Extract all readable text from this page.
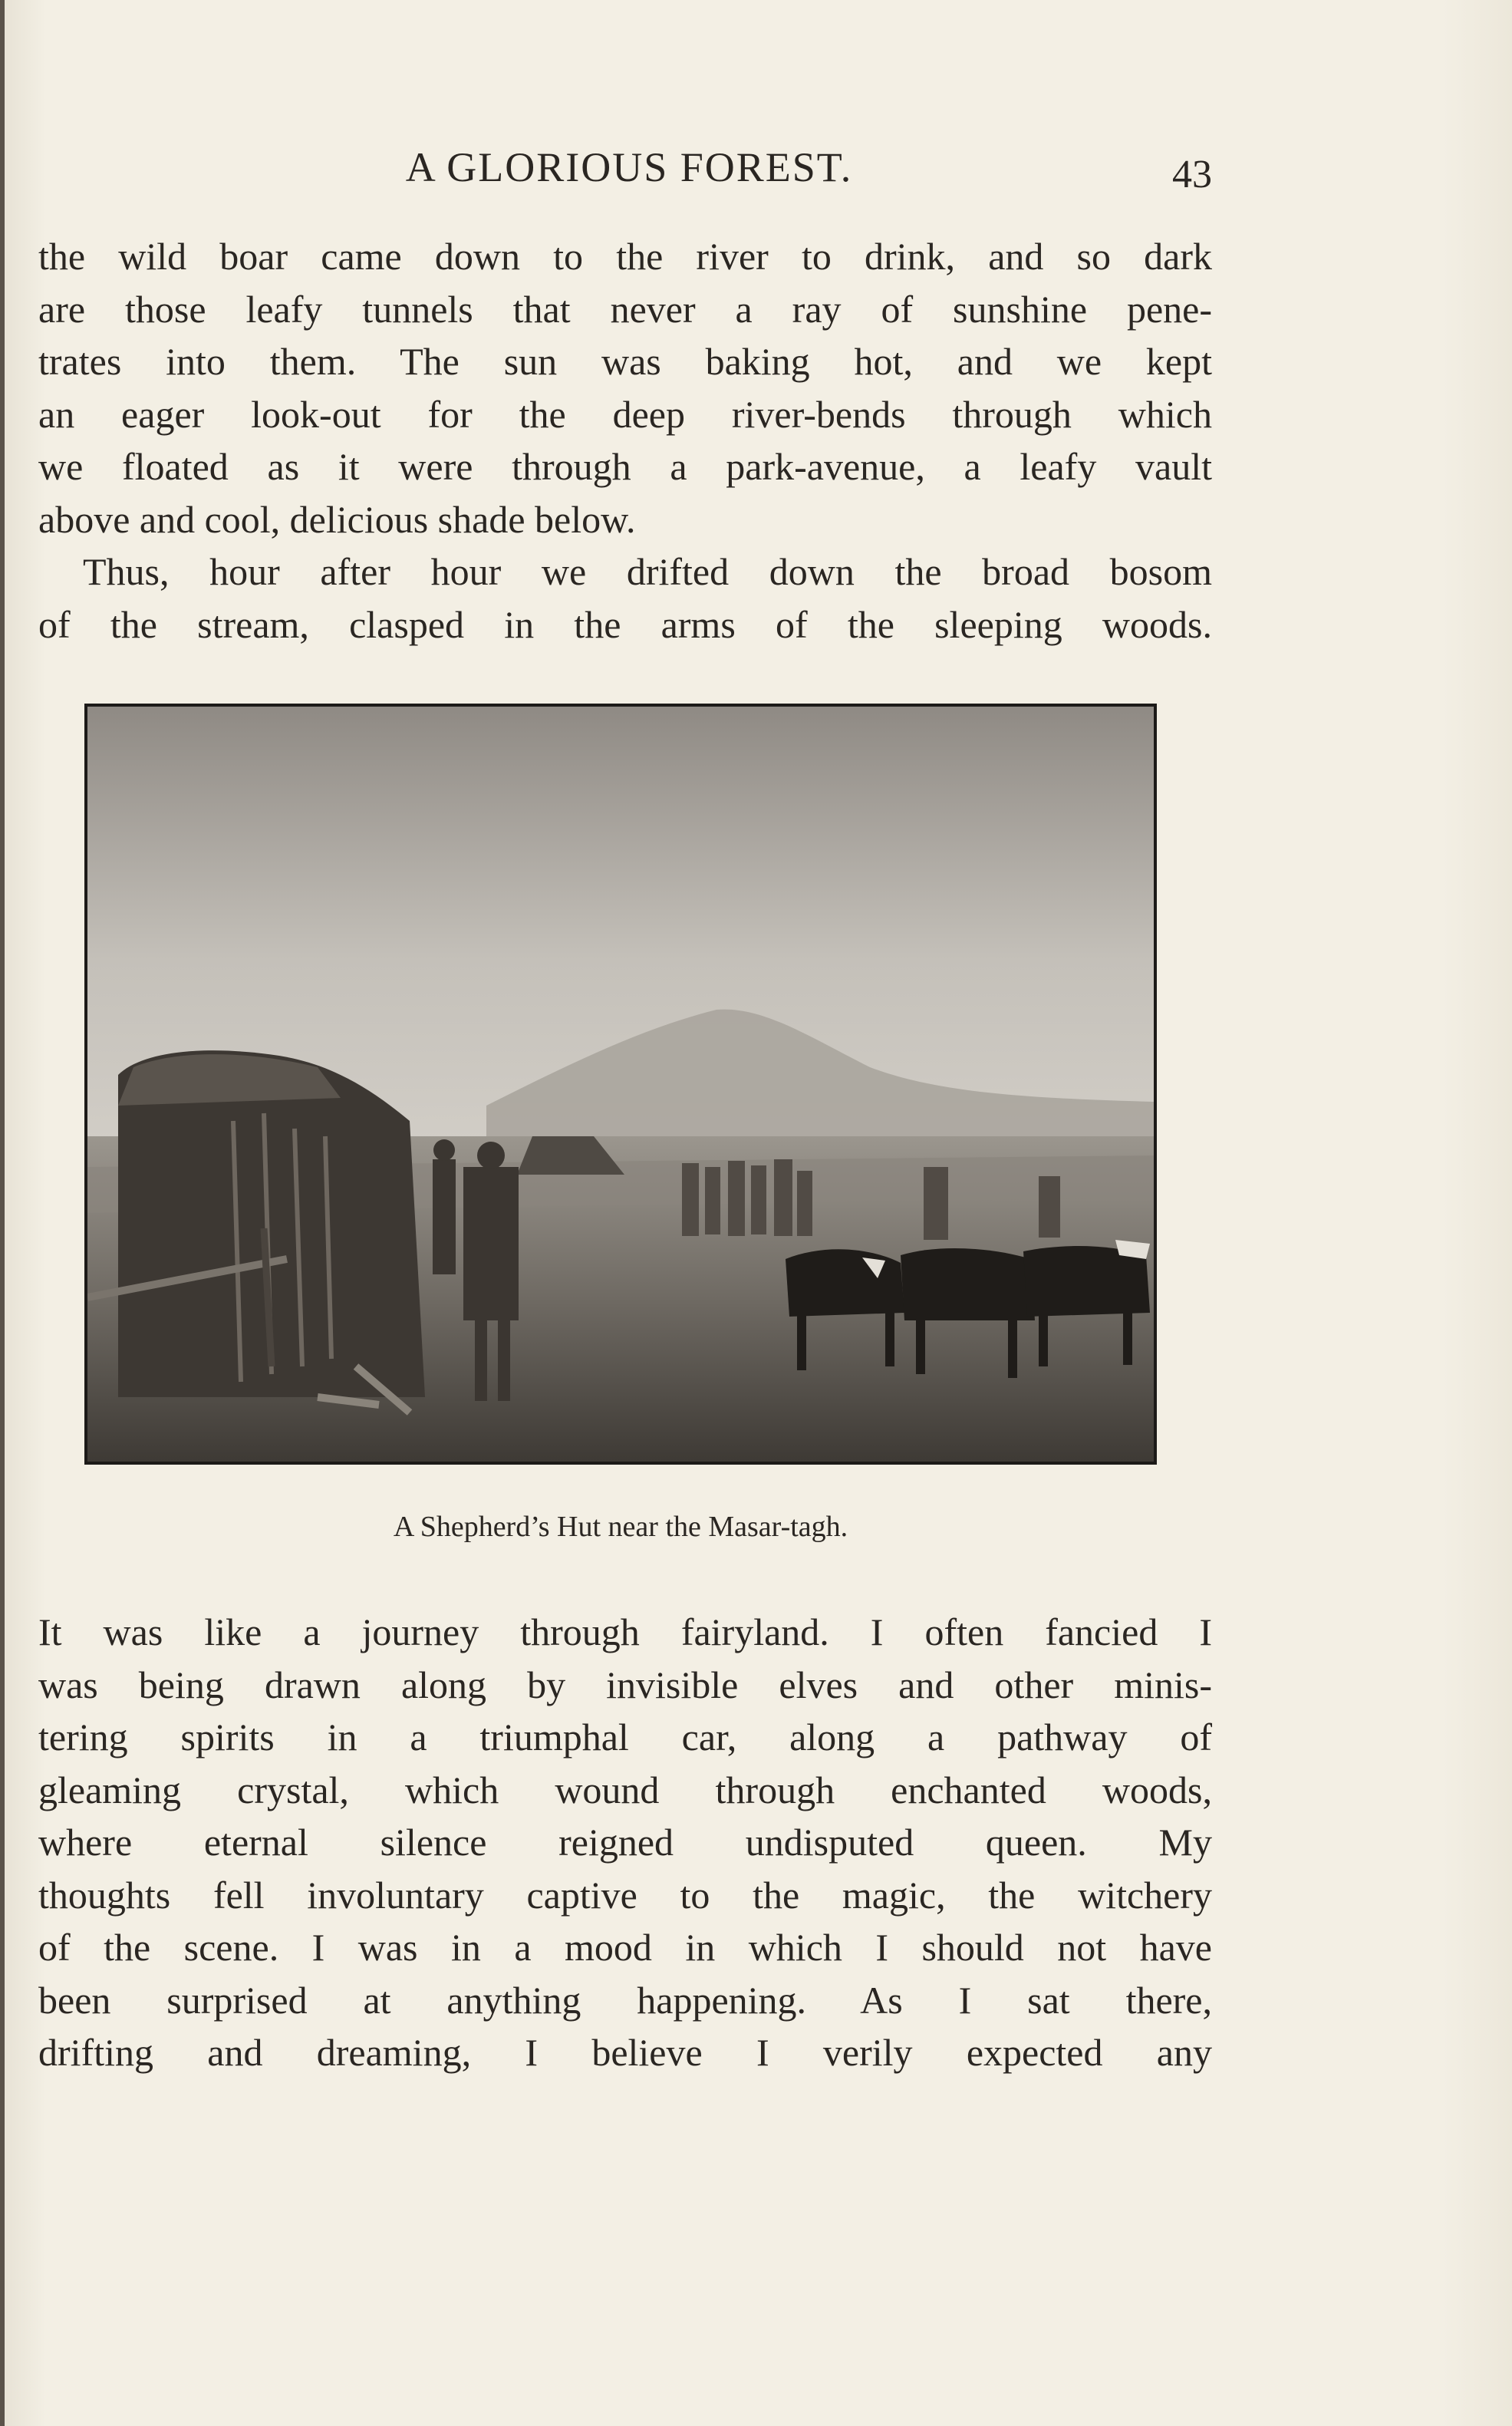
A GLORIOUS FOREST.	43
the wild boar came down to the river to drink, and so dark
are those leafy tunnels that never a ray of sunshine pene-
trates into them. The sun was baking hot, and we kept
an eager look-out for the deep river-bends through which
we floated as it were through a park-avenue, a leafy vault
above and cool, delicious shade below.
Thus, hour after hour we drifted down the broad bosom
of the stream, clasped in the arms of the sleeping woods.
A Shepherd’s Hut near the Masar-tagh.
It was like a journey through fairyland. I often fancied I
was being drawn along by invisible elves and other minis-
tering spirits in a triumphal car, along a pathway of
gleaming crystal, which wound through enchanted woods,
where eternal silence reigned undisputed queen. My
thoughts fell involuntary captive to the magic, the witchery
of the scene. I was in a mood in which I should not have
been surprised at anything happening. As I sat there,
drifting and dreaming, I believe I verily expected any
